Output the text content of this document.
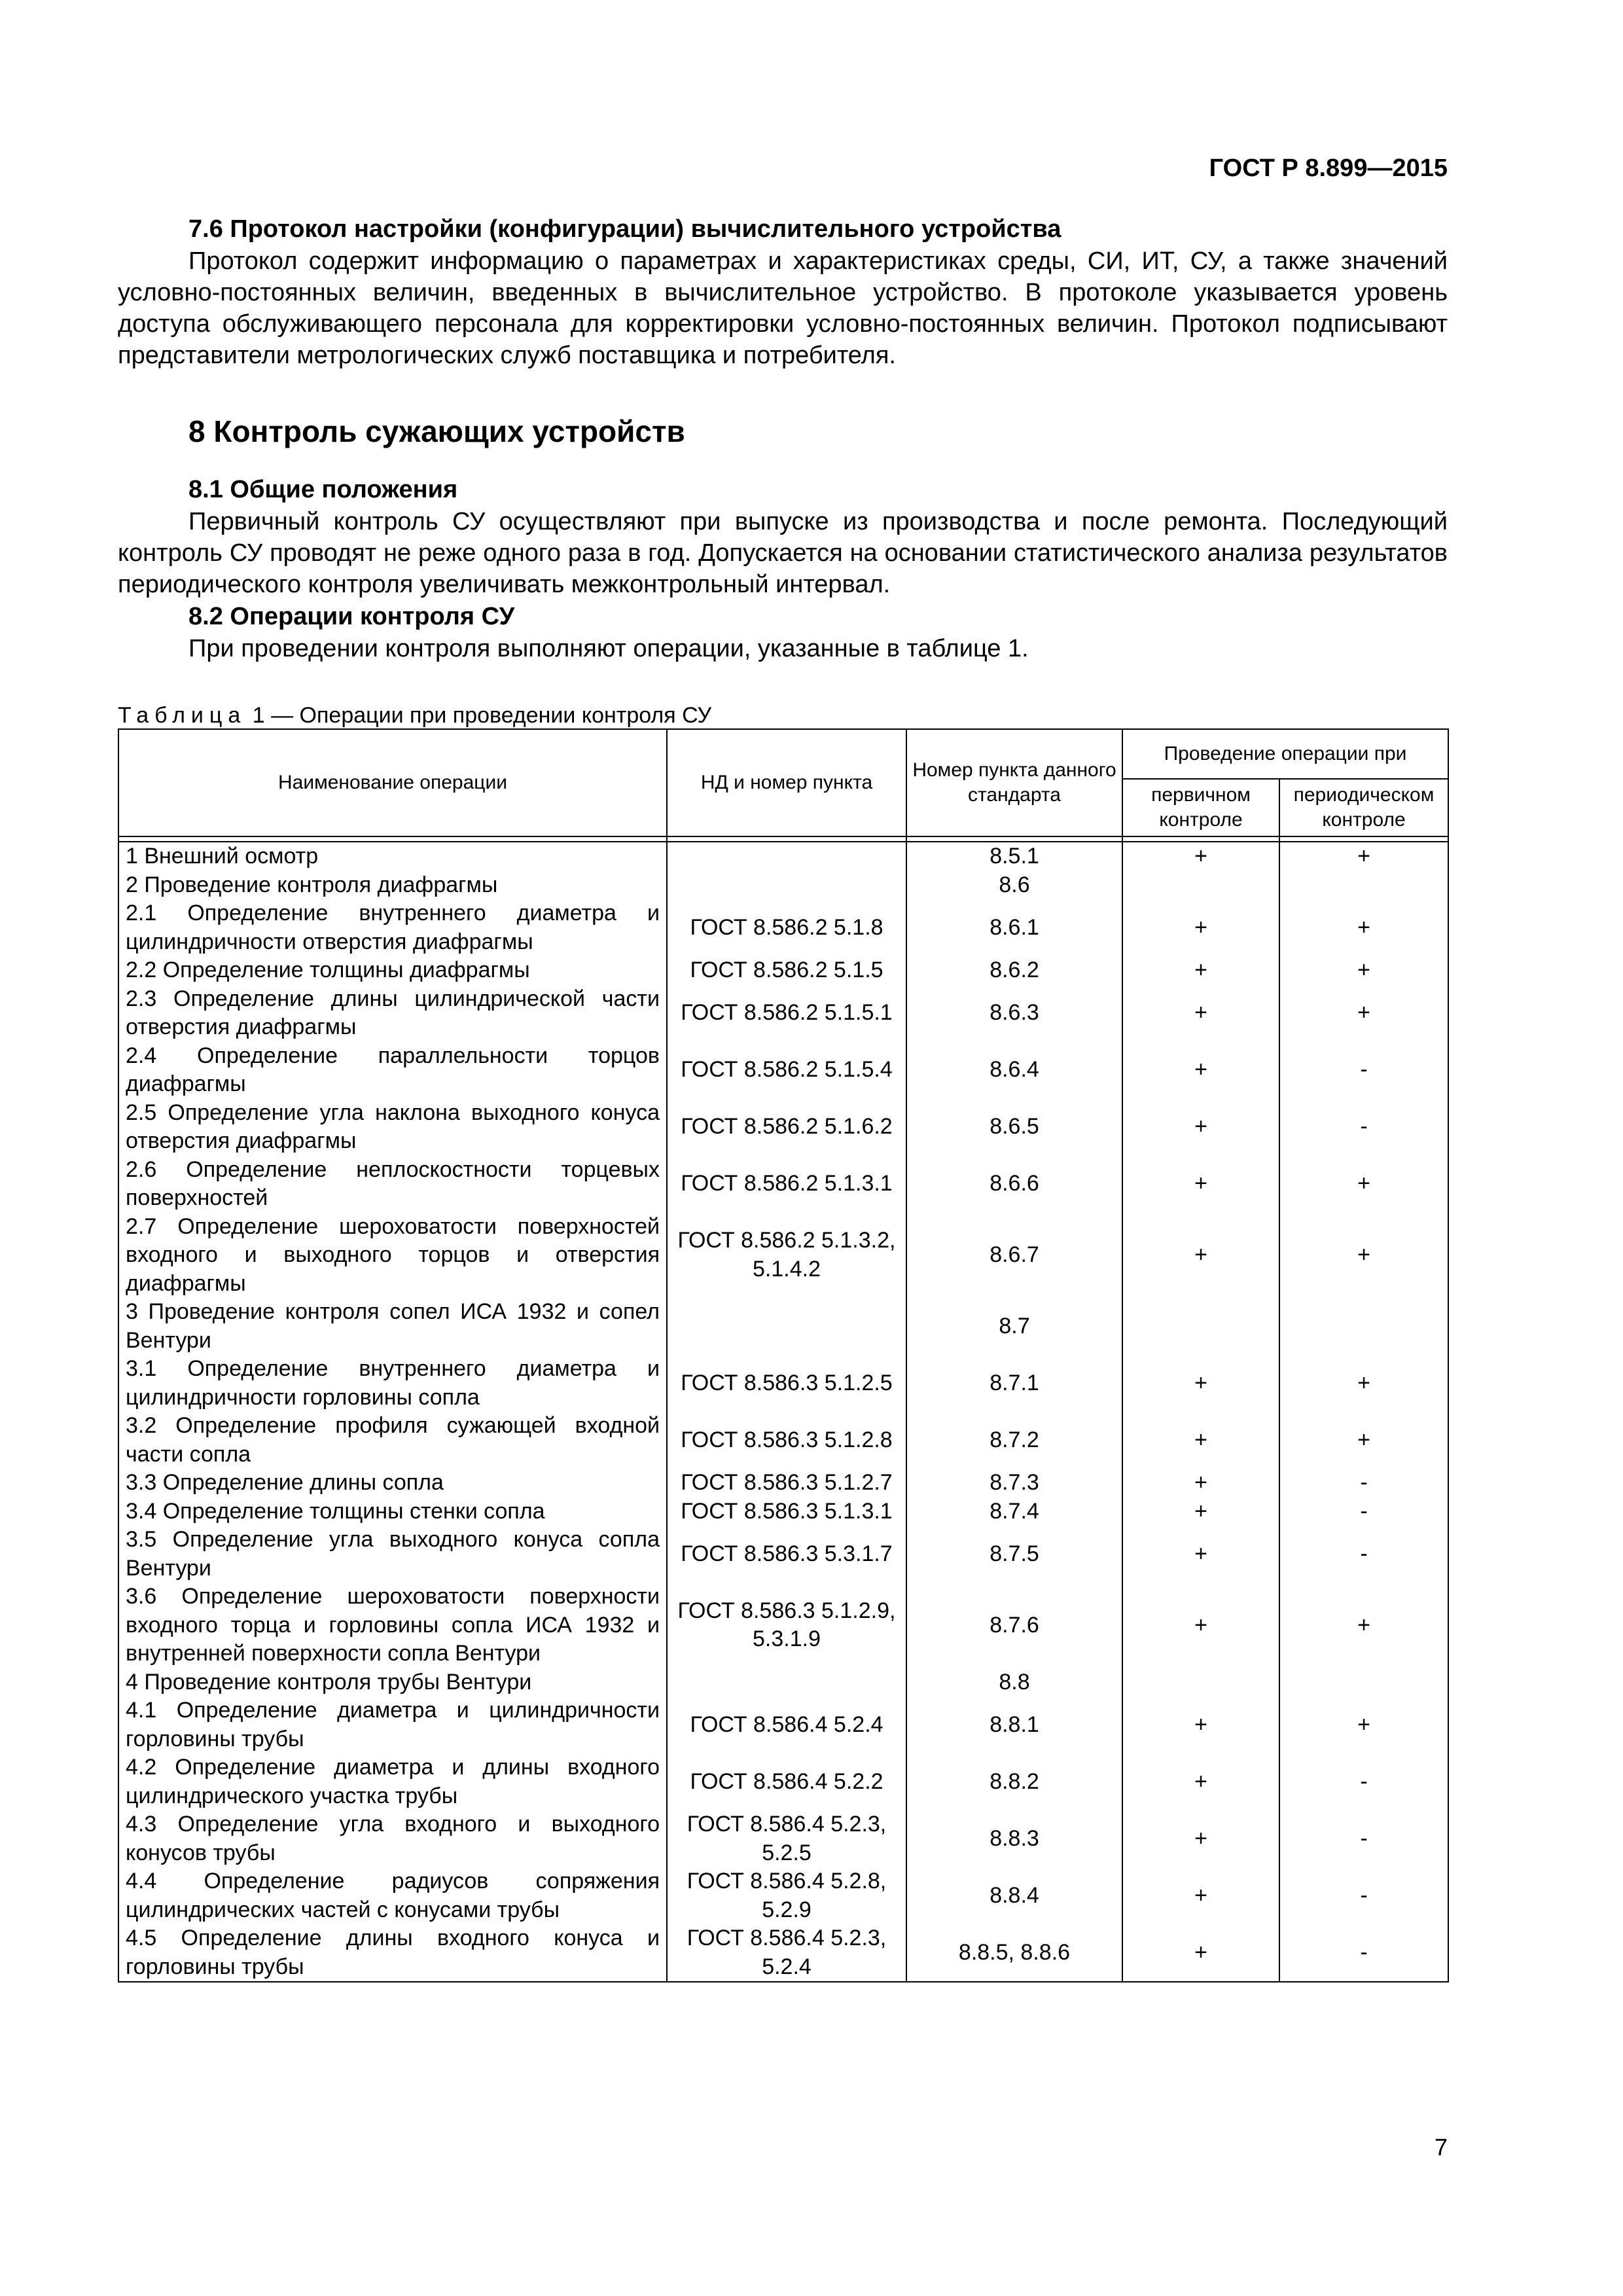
ГОСТ Р 8.899—2015

7.6 Протокол настройки (конфигурации) вычислительного устройства

Протокол содержит информацию о параметрах и характеристиках среды, СИ, ИТ, СУ, а также значений условно-постоянных величин, введенных в вычислительное устройство. В протоколе указывается уровень доступа обслуживающего персонала для корректировки условно-постоянных величин. Протокол подписывают представители метрологических служб поставщика и потребителя.

8 Контроль сужающих устройств

8.1 Общие положения

Первичный контроль СУ осуществляют при выпуске из производства и после ремонта. Последующий контроль СУ проводят не реже одного раза в год. Допускается на основании статистического анализа результатов периодического контроля увеличивать межконтрольный интервал.

8.2 Операции контроля СУ

При проведении контроля выполняют операции, указанные в таблице 1.

Таблица 1 — Операции при проведении контроля СУ

Наименование операции	НД и номер пункта	Номер пункта данного стандарта	Проведение операции при	
			первичном контроле	периодическом контроле

1 Внешний осмотр		8.5.1	+	+
2 Проведение контроля диафрагмы		8.6		
2.1 Определение внутреннего диаметра и цилиндричности отверстия диафрагмы	ГОСТ 8.586.2 5.1.8	8.6.1	+	+
2.2 Определение толщины диафрагмы	ГОСТ 8.586.2 5.1.5	8.6.2	+	+
2.3 Определение длины цилиндрической части отверстия диафрагмы	ГОСТ 8.586.2 5.1.5.1	8.6.3	+	+
2.4 Определение параллельности торцов диафрагмы	ГОСТ 8.586.2 5.1.5.4	8.6.4	+	-
2.5 Определение угла наклона выходного конуса отверстия диафрагмы	ГОСТ 8.586.2 5.1.6.2	8.6.5	+	-
2.6 Определение неплоскостности торцевых поверхностей	ГОСТ 8.586.2 5.1.3.1	8.6.6	+	+
2.7 Определение шероховатости поверхностей входного и выходного торцов и отверстия диафрагмы	ГОСТ 8.586.2 5.1.3.2, 5.1.4.2	8.6.7	+	+
3 Проведение контроля сопел ИСА 1932 и сопел Вентури		8.7		
3.1 Определение внутреннего диаметра и цилиндричности горловины сопла	ГОСТ 8.586.3 5.1.2.5	8.7.1	+	+
3.2 Определение профиля сужающей входной части сопла	ГОСТ 8.586.3 5.1.2.8	8.7.2	+	+
3.3 Определение длины сопла	ГОСТ 8.586.3 5.1.2.7	8.7.3	+	-
3.4 Определение толщины стенки сопла	ГОСТ 8.586.3 5.1.3.1	8.7.4	+	-
3.5 Определение угла выходного конуса сопла Вентури	ГОСТ 8.586.3 5.3.1.7	8.7.5	+	-
3.6 Определение шероховатости поверхности входного торца и горловины сопла ИСА 1932 и внутренней поверхности сопла Вентури	ГОСТ 8.586.3 5.1.2.9, 5.3.1.9	8.7.6	+	+
4 Проведение контроля трубы Вентури		8.8		
4.1 Определение диаметра и цилиндричности горловины трубы	ГОСТ 8.586.4 5.2.4	8.8.1	+	+
4.2 Определение диаметра и длины входного цилиндрического участка трубы	ГОСТ 8.586.4 5.2.2	8.8.2	+	-
4.3 Определение угла входного и выходного конусов трубы	ГОСТ 8.586.4 5.2.3, 5.2.5	8.8.3	+	-
4.4 Определение радиусов сопряжения цилиндрических частей с конусами трубы	ГОСТ 8.586.4 5.2.8, 5.2.9	8.8.4	+	-
4.5 Определение длины входного конуса и горловины трубы	ГОСТ 8.586.4 5.2.3, 5.2.4	8.8.5, 8.8.6	+	-
7
